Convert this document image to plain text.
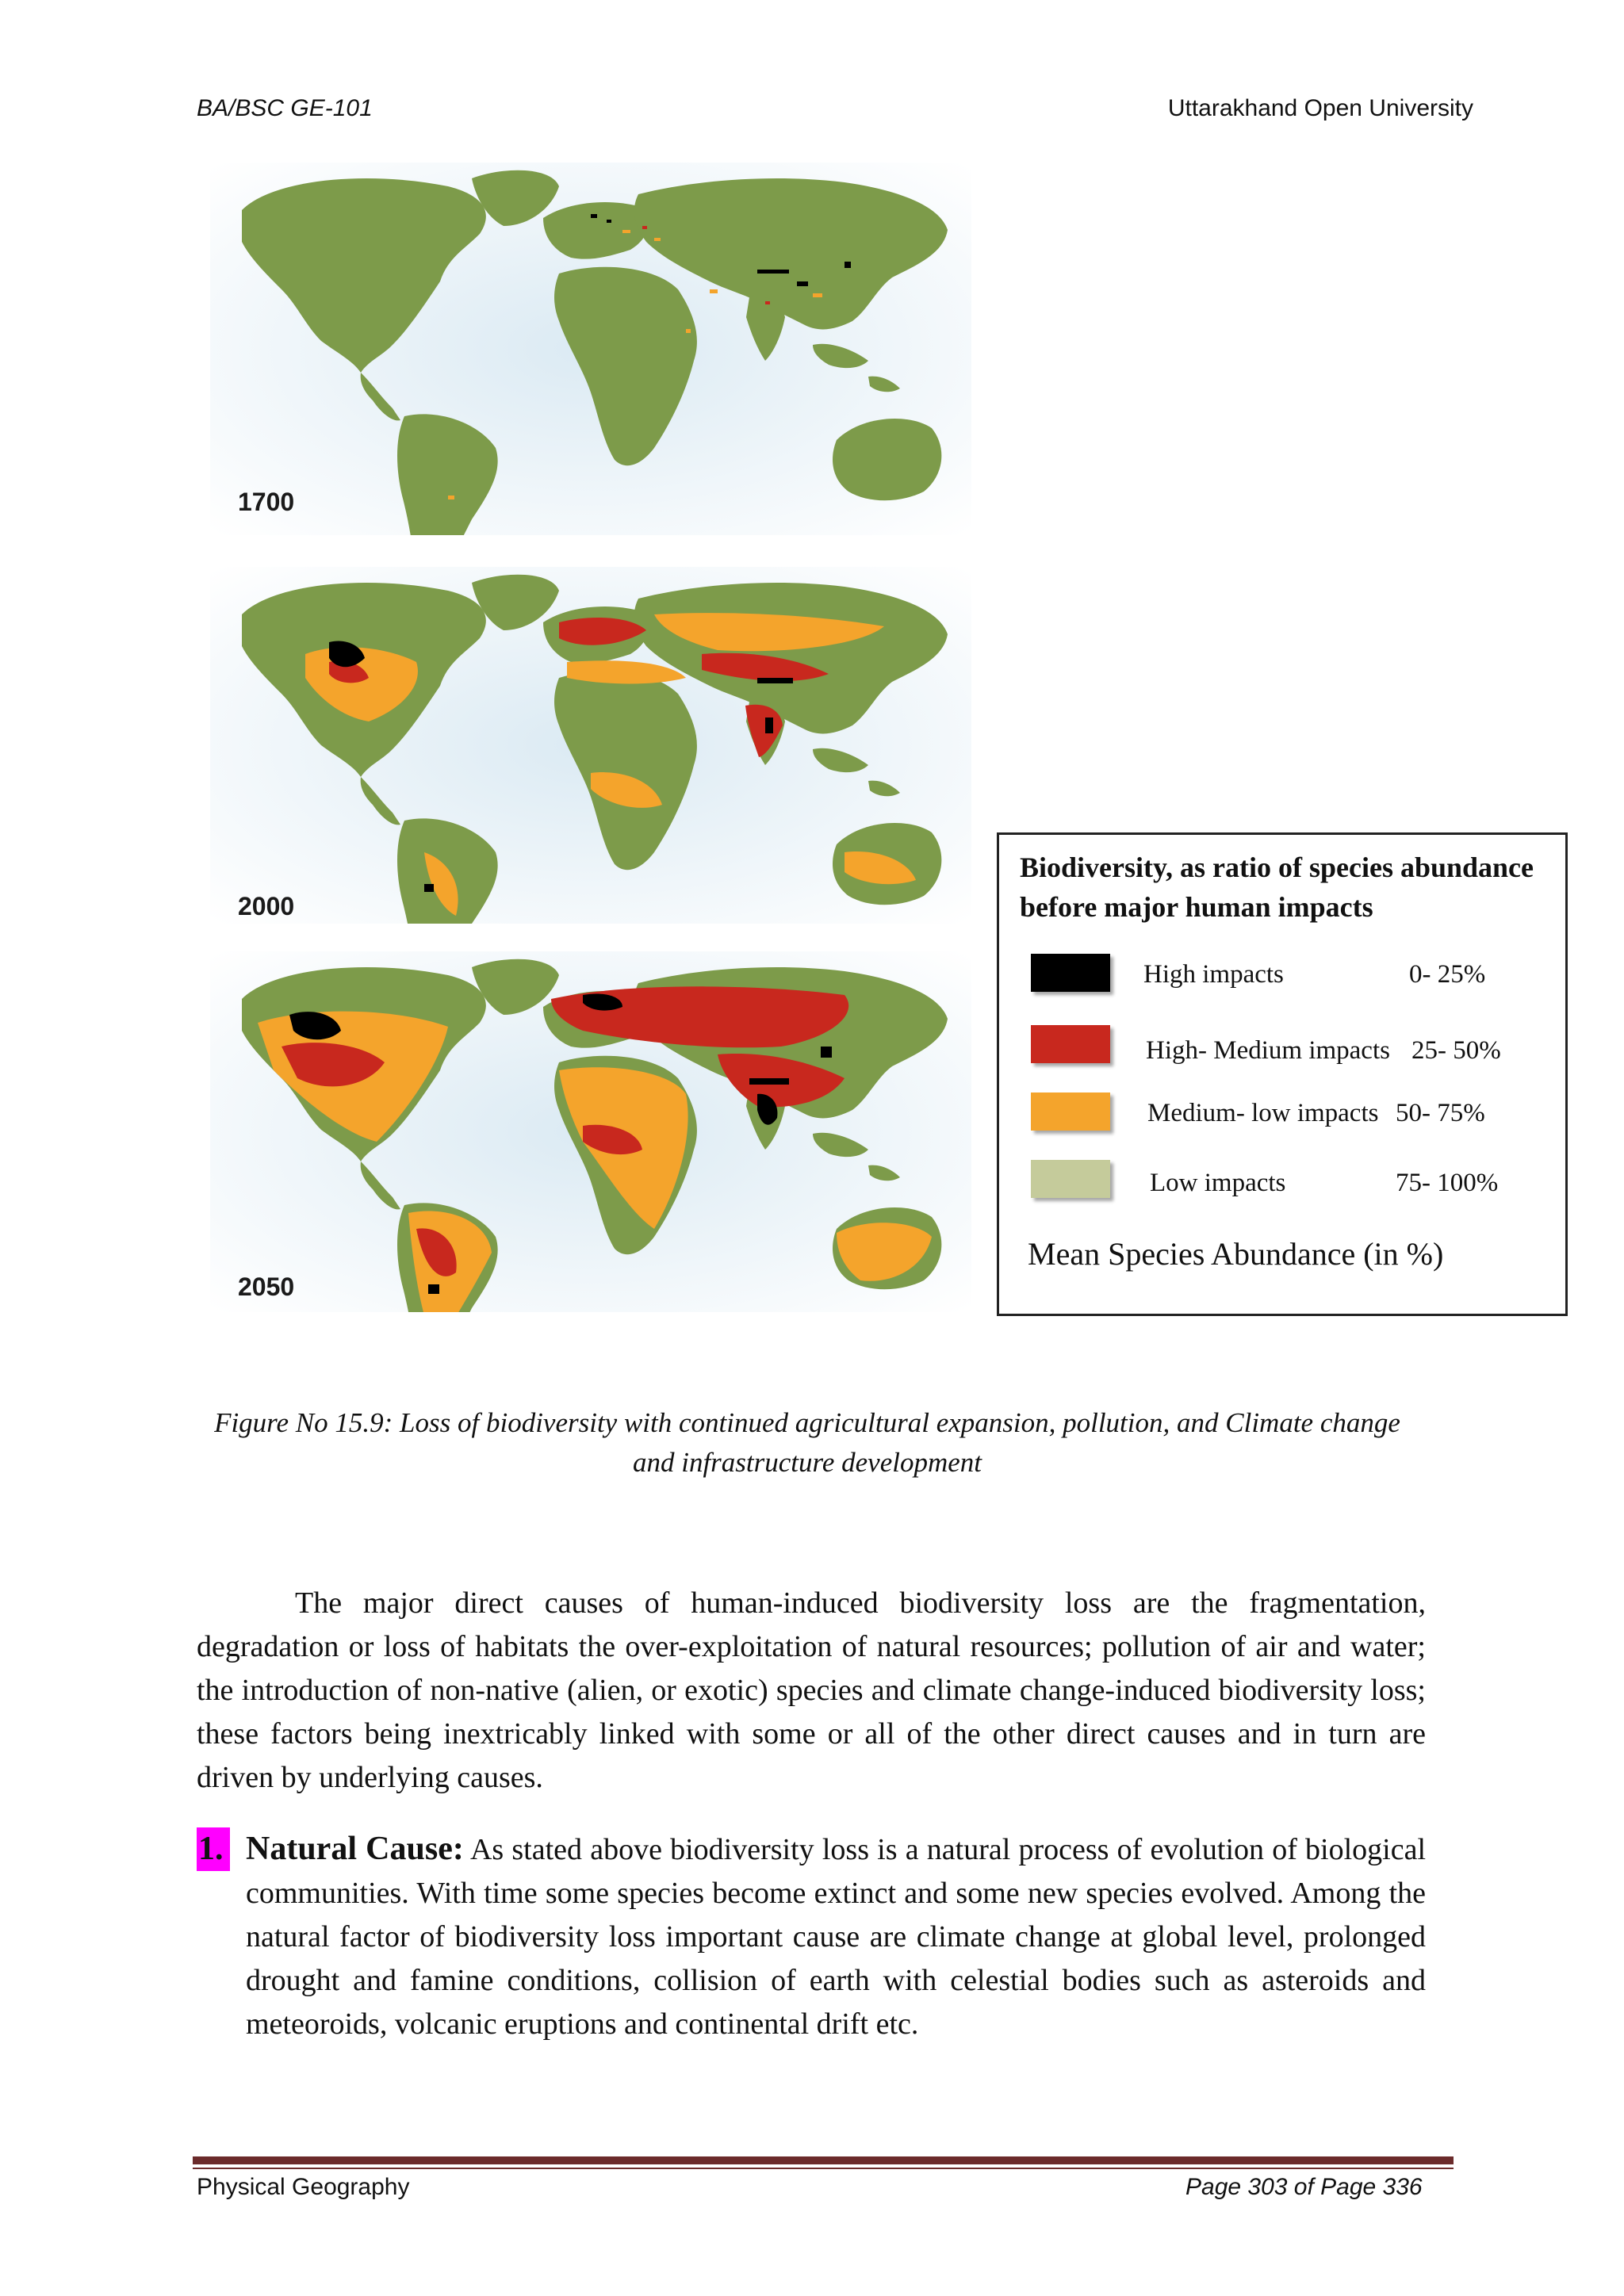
BA/BSC GE-101	Uttarakhand Open University
1700
2000
2050
Biodiversity, as ratio of species abundance before major human impacts
High impacts	0- 25%
High- Medium impacts 25- 50%
Medium- low impacts 50- 75%
Low impacts	75- 100%
Mean Species Abundance (in %)
Figure No 15.9: Loss of biodiversity with continued agricultural expansion, pollution, and Climate change and infrastructure development
The major direct causes of human-induced biodiversity loss are the fragmentation, degradation or loss of habitats the over-exploitation of natural resources; pollution of air and water; the introduction of non-native (alien, or exotic) species and climate change-induced biodiversity loss; these factors being inextricably linked with some or all of the other direct causes and in turn are driven by underlying causes.
1. Natural Cause: As stated above biodiversity loss is a natural process of evolution of biological communities. With time some species become extinct and some new species evolved. Among the natural factor of biodiversity loss important cause are climate change at global level, prolonged drought and famine conditions, collision of earth with celestial bodies such as asteroids and meteoroids, volcanic eruptions and continental drift etc.
Physical Geography	Page 303 of Page 336
